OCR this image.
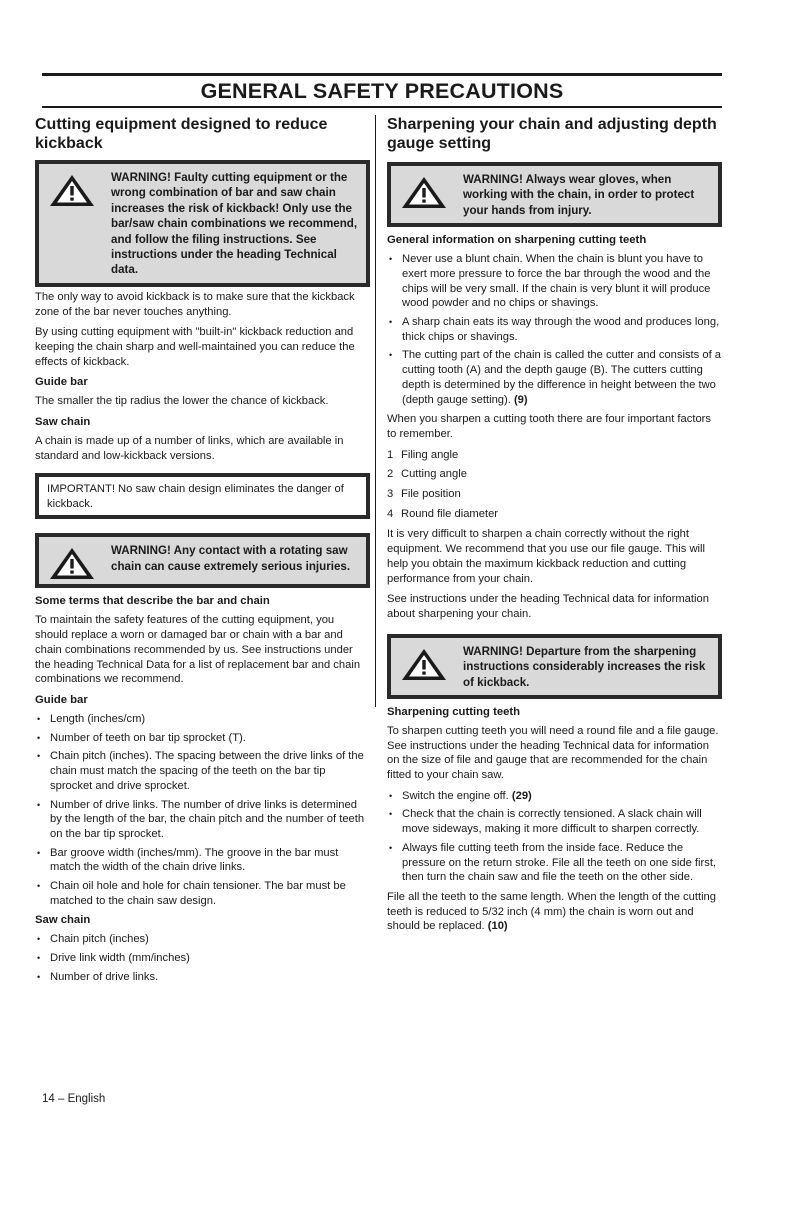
GENERAL SAFETY PRECAUTIONS
Cutting equipment designed to reduce kickback
WARNING! Faulty cutting equipment or the wrong combination of bar and saw chain increases the risk of kickback! Only use the bar/saw chain combinations we recommend, and follow the filing instructions. See instructions under the heading Technical data.

The only way to avoid kickback is to make sure that the kickback zone of the bar never touches anything.

By using cutting equipment with "built-in" kickback reduction and keeping the chain sharp and well-maintained you can reduce the effects of kickback.

Guide bar

The smaller the tip radius the lower the chance of kickback.

Saw chain

A chain is made up of a number of links, which are available in standard and low-kickback versions.

IMPORTANT! No saw chain design eliminates the danger of kickback.
WARNING! Any contact with a rotating saw chain can cause extremely serious injuries.
Some terms that describe the bar and chain

To maintain the safety features of the cutting equipment, you should replace a worn or damaged bar or chain with a bar and chain combinations recommended by us. See instructions under the heading Technical Data for a list of replacement bar and chain combinations we recommend.

Guide bar
• Length (inches/cm)
• Number of teeth on bar tip sprocket (T).
• Chain pitch (inches). The spacing between the drive links of the chain must match the spacing of the teeth on the bar tip sprocket and drive sprocket.
• Number of drive links. The number of drive links is determined by the length of the bar, the chain pitch and the number of teeth on the bar tip sprocket.
• Bar groove width (inches/mm). The groove in the bar must match the width of the chain drive links.
• Chain oil hole and hole for chain tensioner. The bar must be matched to the chain saw design.
Saw chain
• Chain pitch (inches)
• Drive link width (mm/inches)
• Number of drive links.
Sharpening your chain and adjusting depth gauge setting
WARNING! Always wear gloves, when working with the chain, in order to protect your hands from injury.
General information on sharpening cutting teeth
• Never use a blunt chain. When the chain is blunt you have to exert more pressure to force the bar through the wood and the chips will be very small. If the chain is very blunt it will produce wood powder and no chips or shavings.
• A sharp chain eats its way through the wood and produces long, thick chips or shavings.
• The cutting part of the chain is called the cutter and consists of a cutting tooth (A) and the depth gauge (B). The cutters cutting depth is determined by the difference in height between the two (depth gauge setting). (9)

When you sharpen a cutting tooth there are four important factors to remember.

1 Filing angle
2 Cutting angle
3 File position
4 Round file diameter

It is very difficult to sharpen a chain correctly without the right equipment. We recommend that you use our file gauge. This will help you obtain the maximum kickback reduction and cutting performance from your chain.

See instructions under the heading Technical data for information about sharpening your chain.

WARNING! Departure from the sharpening instructions considerably increases the risk of kickback.
Sharpening cutting teeth

To sharpen cutting teeth you will need a round file and a file gauge. See instructions under the heading Technical data for information on the size of file and gauge that are recommended for the chain fitted to your chain saw.

• Switch the engine off. (29)
• Check that the chain is correctly tensioned. A slack chain will move sideways, making it more difficult to sharpen correctly.
• Always file cutting teeth from the inside face. Reduce the pressure on the return stroke. File all the teeth on one side first, then turn the chain saw and file the teeth on the other side.

File all the teeth to the same length. When the length of the cutting teeth is reduced to 5/32 inch (4 mm) the chain is worn out and should be replaced. (10)

14 – English
